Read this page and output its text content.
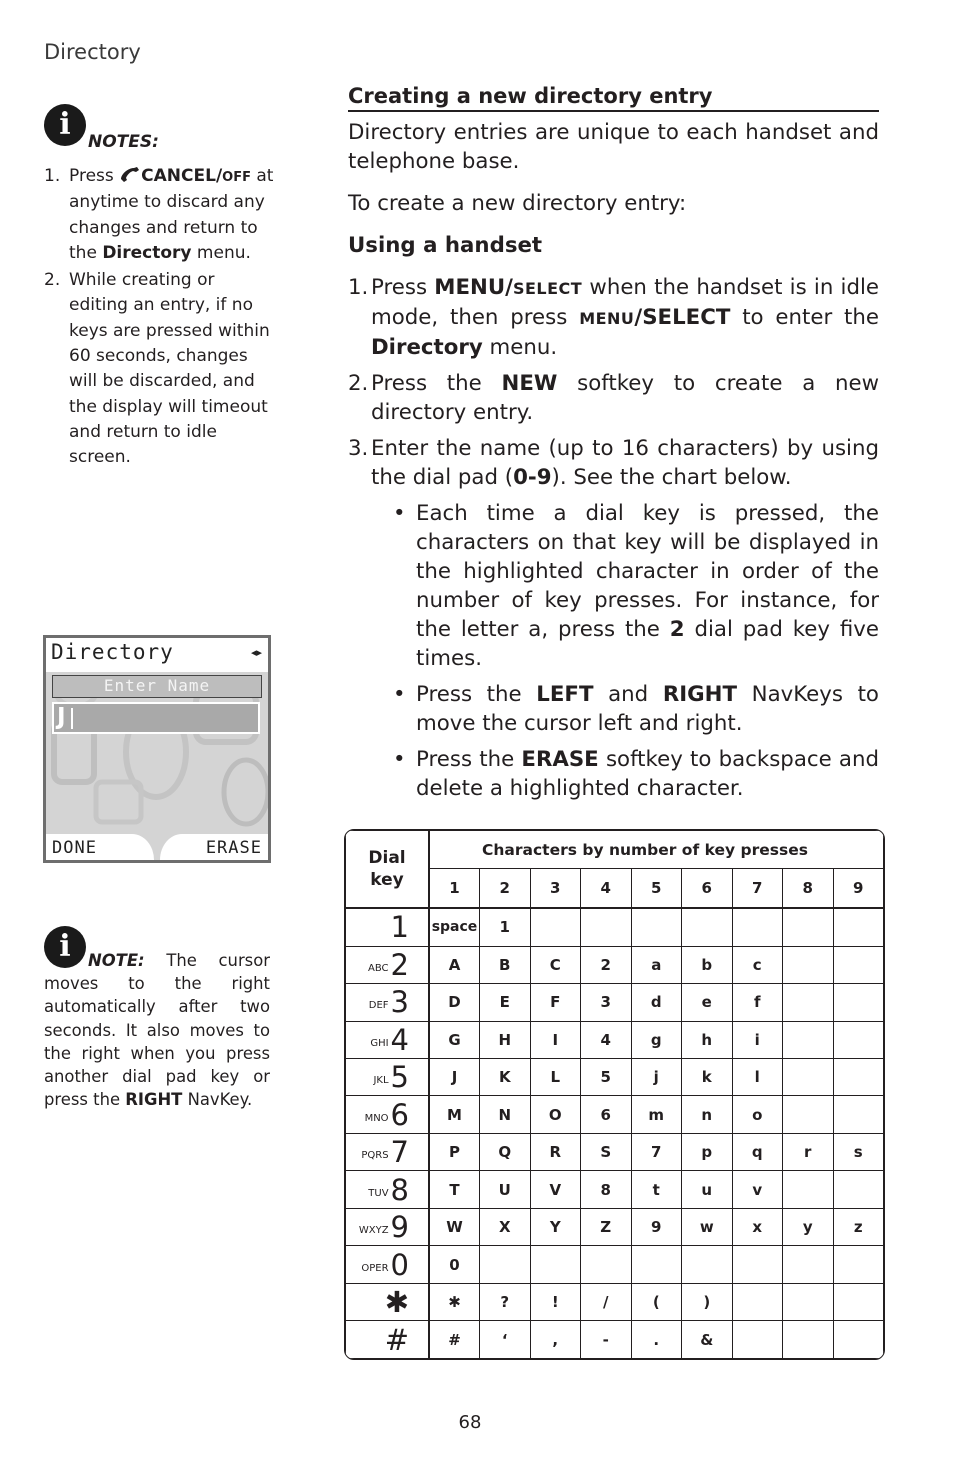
Directory
i NOTES:
1. Press CANCEL/OFF at anytime to discard any changes and return to the Directory menu.
2. While creating or editing an entry, if no keys are pressed within 60 seconds, changes will be discarded, and the display will timeout and return to idle screen.
Directory	◂▸
Enter Name
J
DONE	ERASE
i	NOTE: The cursor moves to the right automatically after two seconds. It also moves to the right when you press another dial pad key or press the RIGHT NavKey.
Creating a new directory entry

Directory entries are unique to each handset and telephone base.

To create a new directory entry:

Using a handset

1. Press MENU/SELECT when the handset is in idle mode, then press MENU/SELECT to enter the Directory menu.
2. Press the NEW softkey to create a new directory entry.
3. Enter the name (up to 16 characters) by using the dial pad (0-9). See the chart below.
• Each time a dial key is pressed, the characters on that key will be displayed in the highlighted character in order of the number of key presses. For instance, for the letter a, press the 2 dial pad key five times.
• Press the LEFT and RIGHT NavKeys to move the cursor left and right.
• Press the ERASE softkey to backspace and delete a highlighted character.
Dial
key	Characters by number of key presses								
	1	2	3	4	5	6	7	8	9
1	space	1							
$^{ABC}$2	A	B	C	2	a	b	c		
$^{DEF}$3	D	E	F	3	d	e	f		
$^{GHI}$4	G	H	I	4	g	h	i		
$^{JKL}$5	J	K	L	5	j	k	l		
$^{MNO}$6	M	N	O	6	m	n	o		
$^{PQRS}$7	P	Q	R	S	7	p	q	r	s
$^{TUV}$8	T	U	V	8	t	u	v		
$^{WXYZ}$9	W	X	Y	Z	9	w	x	y	z
$^{OPER}$0	0								
✱	✱	?	!	/	(	)			
#	#	‘	,	-	.	&			
68
